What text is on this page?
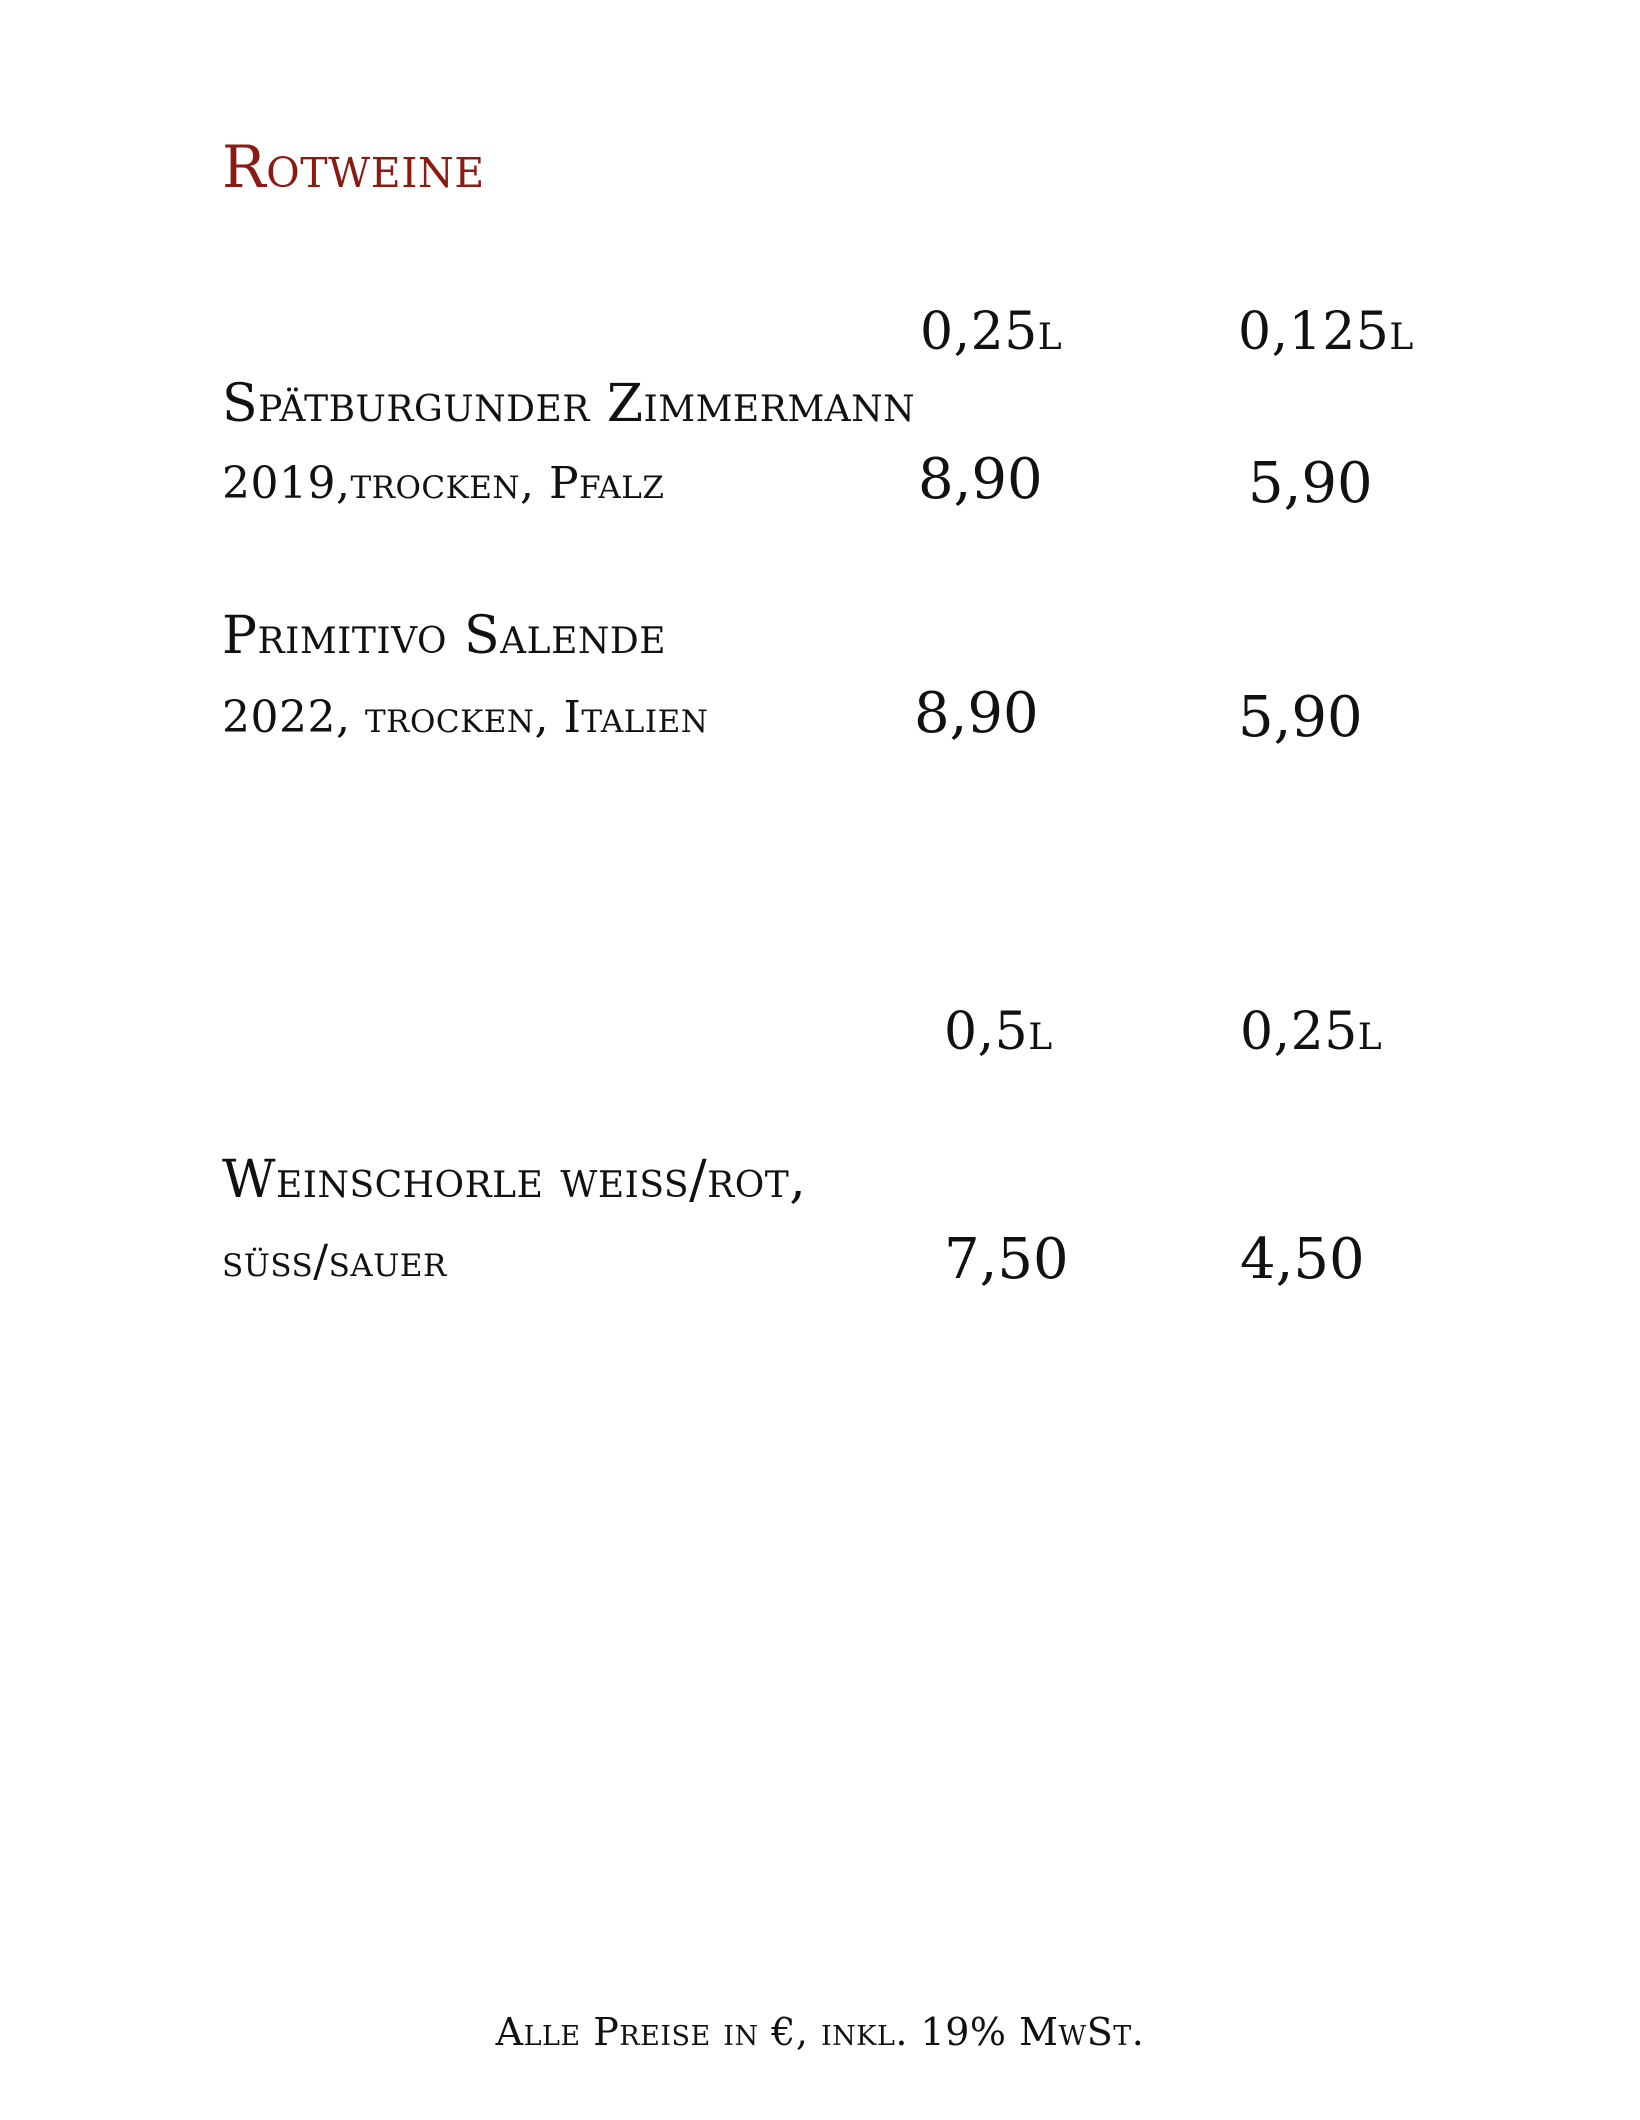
Rotweine
0,25l	0,125l
Spätburgunder Zimmermann
2019,trocken, Pfalz	8,90	5,90
Primitivo Salende
2022, trocken, Italien	8,90	5,90
0,5l	0,25l
Weinschorle weiss/rot,
süss/sauer	7,50	4,50
Alle Preise in €, inkl. 19% MwSt.
